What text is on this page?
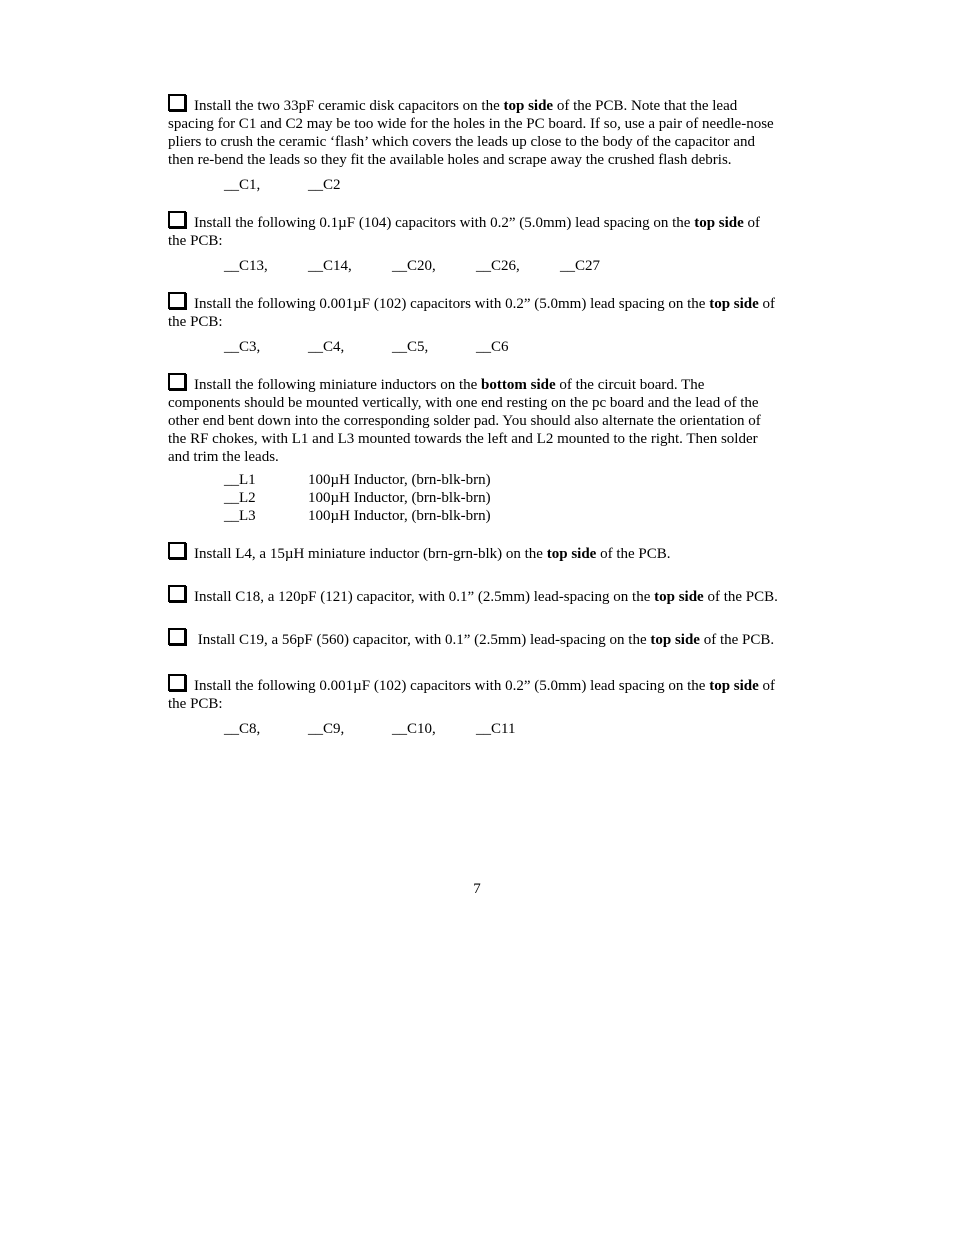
Install the two 33pF ceramic disk capacitors on the top side of the PCB. Note that the lead spacing for C1 and C2 may be too wide for the holes in the PC board. If so, use a pair of needle-nose pliers to crush the ceramic ‘flash’ which covers the leads up close to the body of the capacitor and then re-bend the leads so they fit the available holes and scrape away the crushed flash debris.

__C1,	__C2

Install the following 0.1µF (104) capacitors with 0.2” (5.0mm) lead spacing on the top side of the PCB:

__C13,	__C14,	__C20,	__C26,	__C27

Install the following 0.001µF (102) capacitors with 0.2” (5.0mm) lead spacing on the top side of the PCB:

__C3,	__C4,	__C5,	__C6

Install the following miniature inductors on the bottom side of the circuit board. The components should be mounted vertically, with one end resting on the pc board and the lead of the other end bent down into the corresponding solder pad. You should also alternate the orientation of the RF chokes, with L1 and L3 mounted towards the left and L2 mounted to the right. Then solder and trim the leads.

__L1	100µH Inductor, (brn-blk-brn)
__L2	100µH Inductor, (brn-blk-brn)
__L3	100µH Inductor, (brn-blk-brn)

Install L4, a 15µH miniature inductor (brn-grn-blk) on the top side of the PCB.

Install C18, a 120pF (121) capacitor, with 0.1” (2.5mm) lead-spacing on the top side of the PCB.

Install C19, a 56pF (560) capacitor, with 0.1” (2.5mm) lead-spacing on the top side of the PCB.

Install the following 0.001µF (102) capacitors with 0.2” (5.0mm) lead spacing on the top side of the PCB:

__C8,	__C9,	__C10,	__C11
7
